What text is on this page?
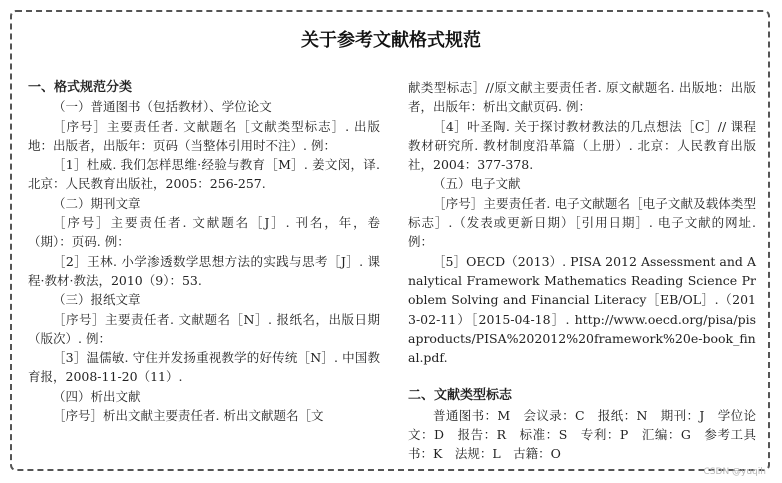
关于参考文献格式规范
一、格式规范分类
（一）普通图书（包括教材）、学位论文
［序号］主要责任者. 文献题名［文献类型标志］. 出版地：出版者，出版年：页码（当整体引用时不注）. 例：
［1］杜威. 我们怎样思维·经验与教育［M］. 姜文闵，译. 北京：人民教育出版社，2005：256-257.
（二）期刊文章
［序号］主要责任者. 文献题名［J］. 刊名，年，卷（期）：页码. 例：
［2］王林. 小学渗透数学思想方法的实践与思考［J］. 课程·教材·教法，2010（9）：53.
（三）报纸文章
［序号］主要责任者. 文献题名［N］. 报纸名，出版日期（版次）. 例：
［3］温儒敏. 守住并发扬重视教学的好传统［N］. 中国教育报，2008-11-20（11）.
（四）析出文献
［序号］析出文献主要责任者. 析出文献题名［文
献类型标志］//原文献主要责任者. 原文献题名. 出版地：出版者，出版年：析出文献页码. 例：
［4］叶圣陶. 关于探讨教材教法的几点想法［C］// 课程教材研究所. 教材制度沿革篇（上册）. 北京：人民教育出版社，2004：377-378.
（五）电子文献
［序号］主要责任者. 电子文献题名［电子文献及载体类型标志］.（发表或更新日期）［引用日期］. 电子文献的网址. 例：
［5］OECD（2013）. PISA 2012 Assessment and Analytical Framework Mathematics Reading Science Problem Solving and Financial Literacy［EB/OL］.（2013-02-11）［2015-04-18］. http://www.oecd.org/pisa/pisaproducts/PISA%202012%20framework%20e-book_final.pdf.
二、文献类型标志
普通图书：M　会议录：C　报纸：N　期刊：J　学位论文：D　报告：R　标准：S　专利：P　汇编：G　参考工具书：K　法规：L　古籍：O
CSDN @yuqih
